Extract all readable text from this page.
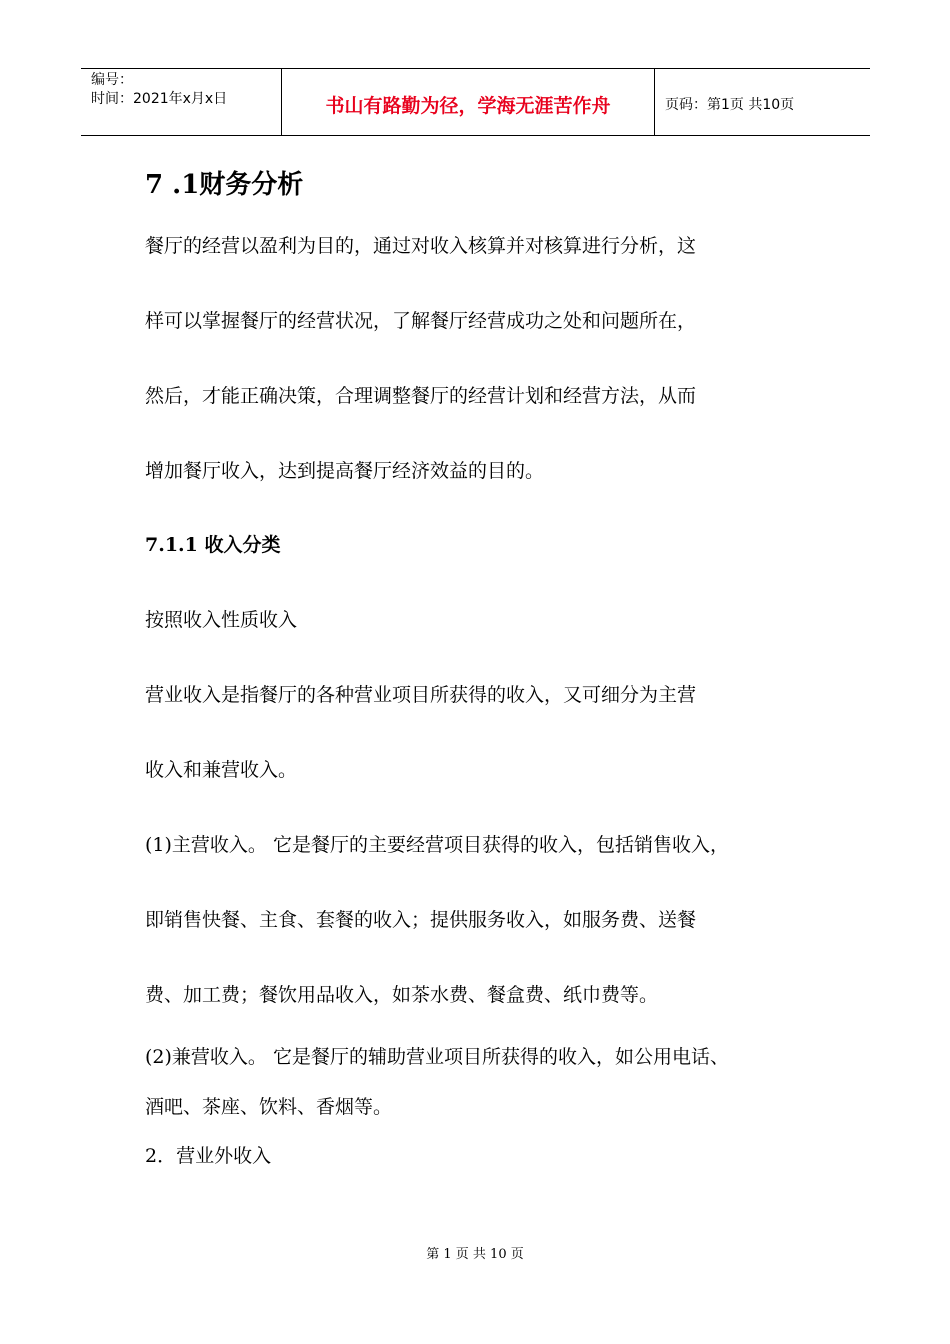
编号：
时间：2021年x月x日	书山有路勤为径，学海无涯苦作舟	页码：第1页 共10页
7 .1财务分析

餐厅的经营以盈利为目的，通过对收入核算并对核算进行分析，这

样可以掌握餐厅的经营状况，了解餐厅经营成功之处和问题所在，

然后，才能正确决策，合理调整餐厅的经营计划和经营方法，从而

增加餐厅收入，达到提高餐厅经济效益的目的。

7.1.1 收入分类

按照收入性质收入

营业收入是指餐厅的各种营业项目所获得的收入，又可细分为主营

收入和兼营收入。

(1)主营收入。 它是餐厅的主要经营项目获得的收入，包括销售收入，

即销售快餐、主食、套餐的收入；提供服务收入，如服务费、送餐

费、加工费；餐饮用品收入，如茶水费、餐盒费、纸巾费等。

(2)兼营收入。 它是餐厅的辅助营业项目所获得的收入，如公用电话、

酒吧、茶座、饮料、香烟等。

2．营业外收入

第 1 页 共 10 页
